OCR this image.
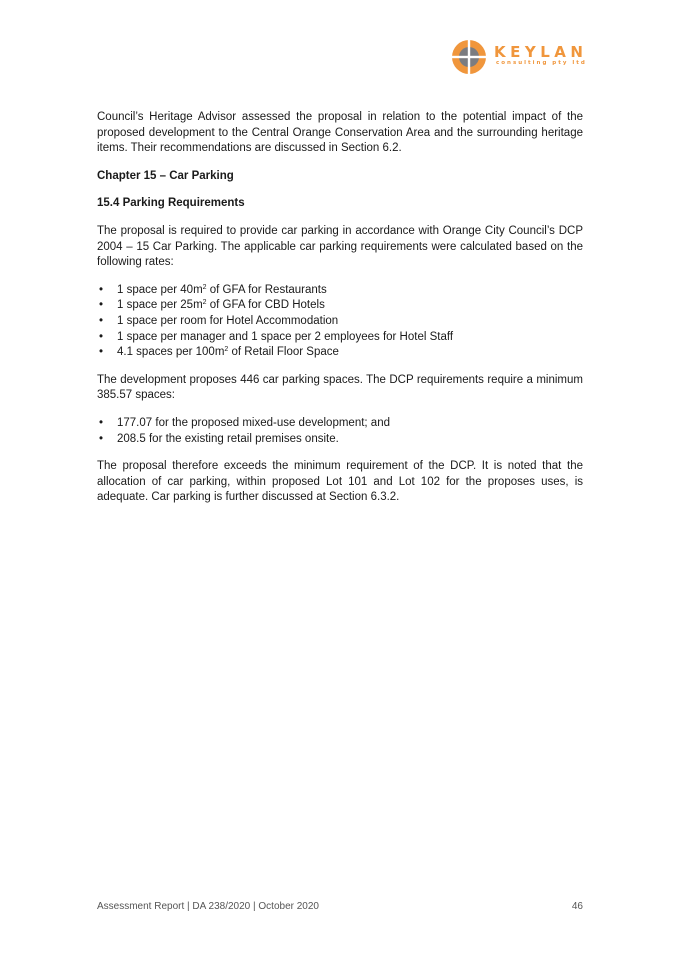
KEYLAN
consulting pty ltd

Council’s Heritage Advisor assessed the proposal in relation to the potential impact of the proposed development to the Central Orange Conservation Area and the surrounding heritage items. Their recommendations are discussed in Section 6.2.

Chapter 15 – Car Parking
15.4 Parking Requirements

The proposal is required to provide car parking in accordance with Orange City Council’s DCP 2004 – 15 Car Parking. The applicable car parking requirements were calculated based on the following rates:

• 1 space per $40m^2$ of GFA for Restaurants
• 1 space per $25m^2$ of GFA for CBD Hotels
• 1 space per room for Hotel Accommodation
• 1 space per manager and 1 space per 2 employees for Hotel Staff
• 4.1 spaces per $100m^2$ of Retail Floor Space

The development proposes 446 car parking spaces. The DCP requirements require a minimum 385.57 spaces:

• 177.07 for the proposed mixed-use development; and
• 208.5 for the existing retail premises onsite.

The proposal therefore exceeds the minimum requirement of the DCP. It is noted that the allocation of car parking, within proposed Lot 101 and Lot 102 for the proposes uses, is adequate. Car parking is further discussed at Section 6.3.2.

Assessment Report | DA 238/2020 | October 2020	46
